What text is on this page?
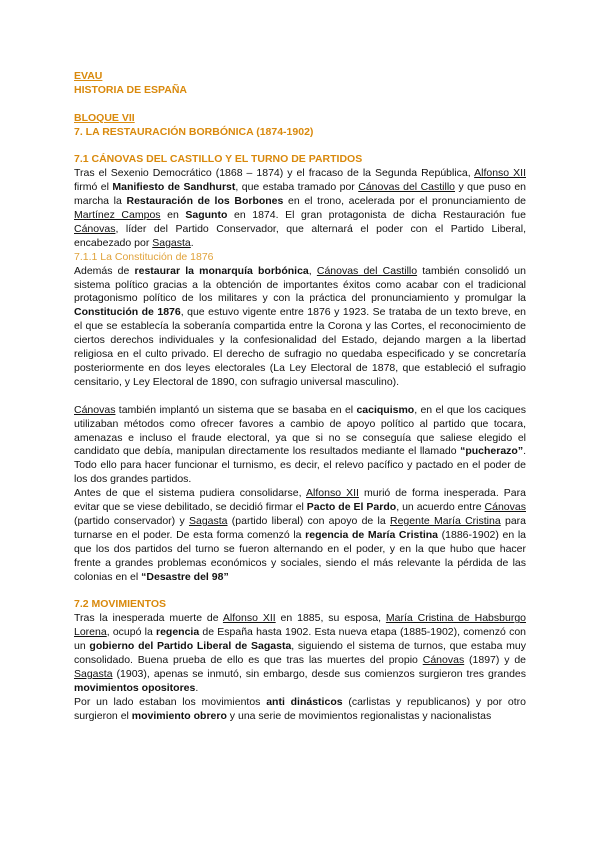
EVAU
HISTORIA DE ESPAÑA
BLOQUE VII
7. LA RESTAURACIÓN BORBÓNICA (1874-1902)
7.1 CÁNOVAS DEL CASTILLO Y EL TURNO DE PARTIDOS

Tras el Sexenio Democrático (1868 – 1874) y el fracaso de la Segunda República, Alfonso XII firmó el Manifiesto de Sandhurst, que estaba tramado por Cánovas del Castillo y que puso en marcha la Restauración de los Borbones en el trono, acelerada por el pronunciamiento de Martínez Campos en Sagunto en 1874. El gran protagonista de dicha Restauración fue Cánovas, líder del Partido Conservador, que alternará el poder con el Partido Liberal, encabezado por Sagasta.

7.1.1 La Constitución de 1876

Además de restaurar la monarquía borbónica, Cánovas del Castillo también consolidó un sistema político gracias a la obtención de importantes éxitos como acabar con el tradicional protagonismo político de los militares y con la práctica del pronunciamiento y promulgar la Constitución de 1876, que estuvo vigente entre 1876 y 1923. Se trataba de un texto breve, en el que se establecía la soberanía compartida entre la Corona y las Cortes, el reconocimiento de ciertos derechos individuales y la confesionalidad del Estado, dejando margen a la libertad religiosa en el culto privado. El derecho de sufragio no quedaba especificado y se concretaría posteriormente en dos leyes electorales (La Ley Electoral de 1878, que estableció el sufragio censitario, y Ley Electoral de 1890, con sufragio universal masculino).

Cánovas también implantó un sistema que se basaba en el caciquismo, en el que los caciques utilizaban métodos como ofrecer favores a cambio de apoyo político al partido que tocara, amenazas e incluso el fraude electoral, ya que si no se conseguía que saliese elegido el candidato que debía, manipulan directamente los resultados mediante el llamado “pucherazo”. Todo ello para hacer funcionar el turnismo, es decir, el relevo pacífico y pactado en el poder de los dos grandes partidos.

Antes de que el sistema pudiera consolidarse, Alfonso XII murió de forma inesperada. Para evitar que se viese debilitado, se decidió firmar el Pacto de El Pardo, un acuerdo entre Cánovas (partido conservador) y Sagasta (partido liberal) con apoyo de la Regente María Cristina para turnarse en el poder. De esta forma comenzó la regencia de María Cristina (1886-1902) en la que los dos partidos del turno se fueron alternando en el poder, y en la que hubo que hacer frente a grandes problemas económicos y sociales, siendo el más relevante la pérdida de las colonias en el “Desastre del 98”

7.2 MOVIMIENTOS

Tras la inesperada muerte de Alfonso XII en 1885, su esposa, María Cristina de Habsburgo Lorena, ocupó la regencia de España hasta 1902. Esta nueva etapa (1885-1902), comenzó con un gobierno del Partido Liberal de Sagasta, siguiendo el sistema de turnos, que estaba muy consolidado. Buena prueba de ello es que tras las muertes del propio Cánovas (1897) y de Sagasta (1903), apenas se inmutó, sin embargo, desde sus comienzos surgieron tres grandes movimientos opositores.

Por un lado estaban los movimientos anti dinásticos (carlistas y republicanos) y por otro surgieron el movimiento obrero y una serie de movimientos regionalistas y nacionalistas
